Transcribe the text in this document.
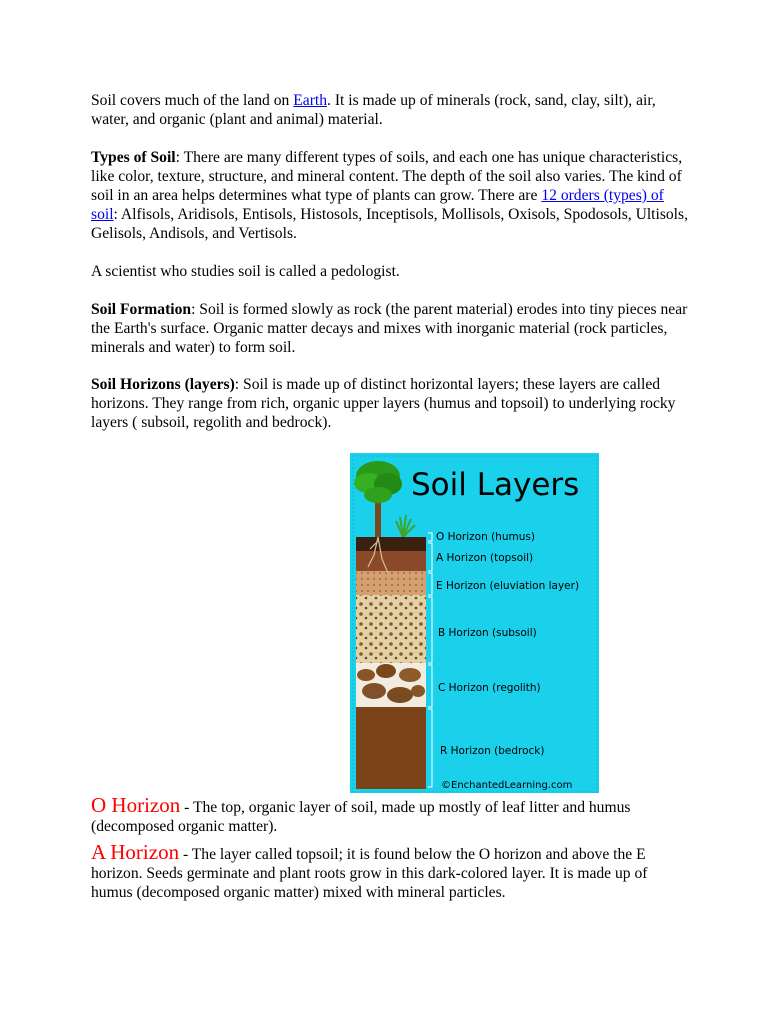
Soil covers much of the land on Earth. It is made up of minerals (rock, sand, clay, silt), air, water, and organic (plant and animal) material.

Types of Soil: There are many different types of soils, and each one has unique characteristics, like color, texture, structure, and mineral content. The depth of the soil also varies. The kind of soil in an area helps determines what type of plants can grow. There are 12 orders (types) of soil: Alfisols, Aridisols, Entisols, Histosols, Inceptisols, Mollisols, Oxisols, Spodosols, Ultisols, Gelisols, Andisols, and Vertisols.

A scientist who studies soil is called a pedologist.

Soil Formation: Soil is formed slowly as rock (the parent material) erodes into tiny pieces near the Earth's surface. Organic matter decays and mixes with inorganic material (rock particles, minerals and water) to form soil.

Soil Horizons (layers): Soil is made up of distinct horizontal layers; these layers are called horizons. They range from rich, organic upper layers (humus and topsoil) to underlying rocky layers ( subsoil, regolith and bedrock).

Soil Layers
O Horizon (humus)
A Horizon (topsoil)
E Horizon (eluviation layer)
B Horizon (subsoil)
C Horizon (regolith)
R Horizon (bedrock)
©EnchantedLearning.com

O Horizon - The top, organic layer of soil, made up mostly of leaf litter and humus (decomposed organic matter).

A Horizon - The layer called topsoil; it is found below the O horizon and above the E horizon. Seeds germinate and plant roots grow in this dark-colored layer. It is made up of humus (decomposed organic matter) mixed with mineral particles.
